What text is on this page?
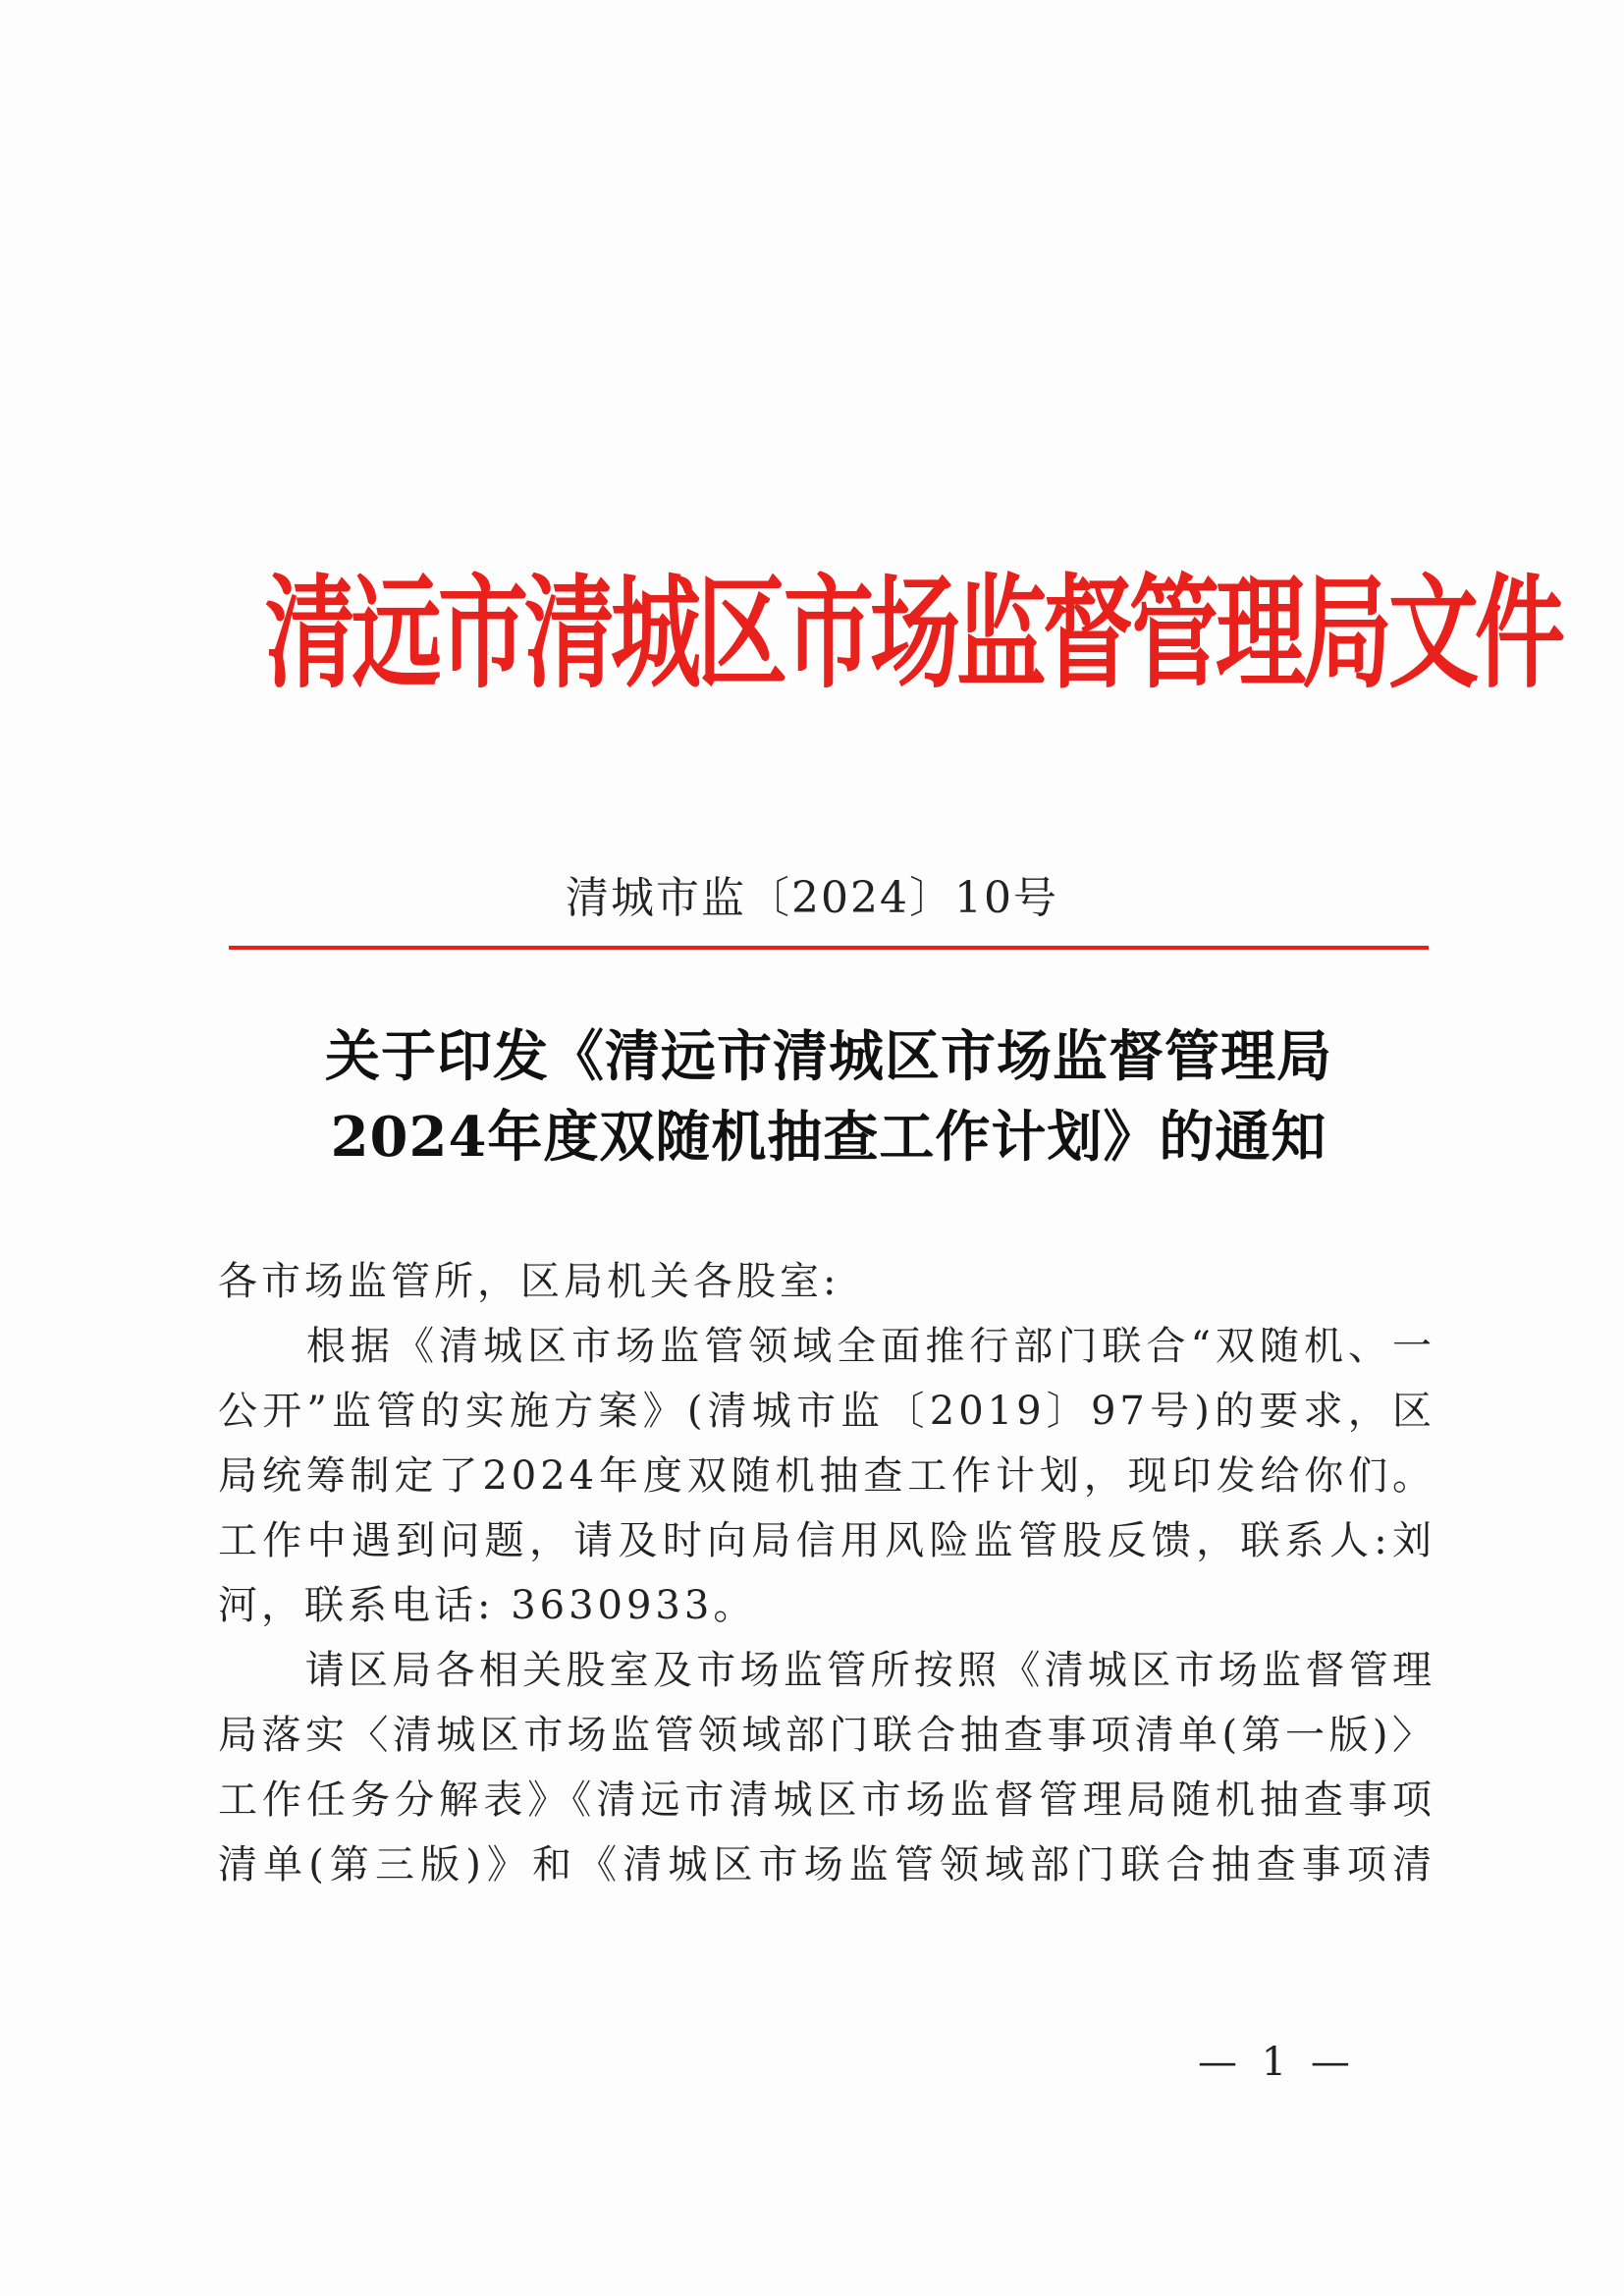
清远市清城区市场监督管理局文件
清城市监〔2024〕10号
关于印发《清远市清城区市场监督管理局
2024年度双随机抽查工作计划》的通知
各市场监管所，区局机关各股室:
　　根据《清城区市场监管领域全面推行部门联合“双随机、一
公开”监管的实施方案》(清城市监〔2019〕97号)的要求，区
局统筹制定了2024年度双随机抽查工作计划，现印发给你们。
工作中遇到问题，请及时向局信用风险监管股反馈，联系人:刘
河，联系电话: 3630933。
　　请区局各相关股室及市场监管所按照《清城区市场监督管理
局落实〈清城区市场监管领域部门联合抽查事项清单(第一版)〉
工作任务分解表》《清远市清城区市场监督管理局随机抽查事项
清单(第三版)》和《清城区市场监管领域部门联合抽查事项清
— 1 —
